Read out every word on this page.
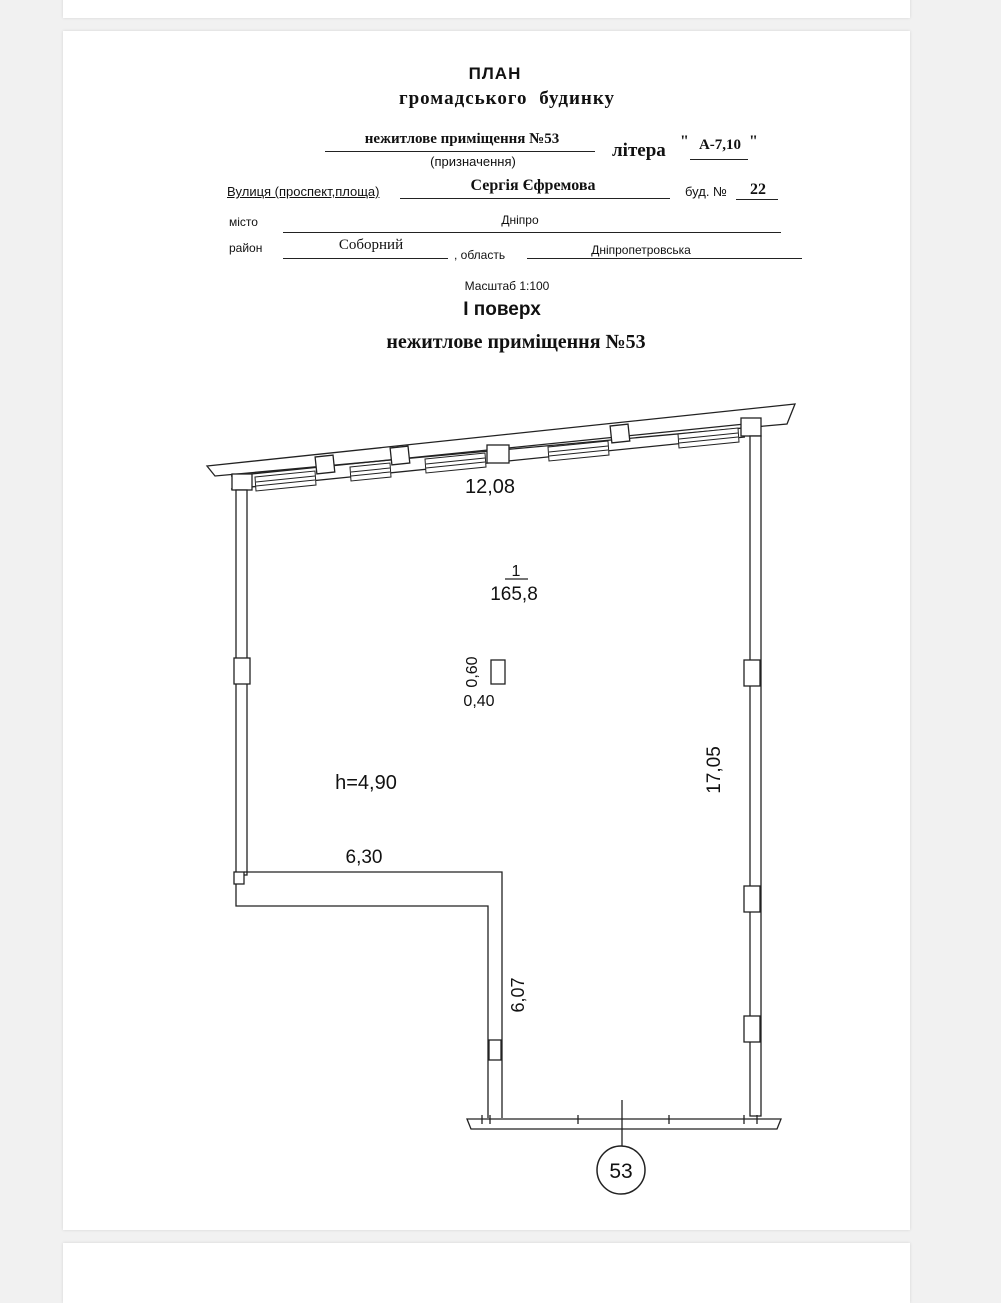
ПЛАН
громадського будинку
нежитлове приміщення №53
(призначення)
літера " А-7,10 "
Вулиця (проспект,площа)	Сергія Єфремова	буд. № 22
місто	Дніпро
район	Соборний
, область	Дніпропетровська
Масштаб 1:100
І поверх
нежитлове приміщення №53
12,08
1
165,8
0,60
0,40
h=4,90	17,05
6,30
6,07
53
